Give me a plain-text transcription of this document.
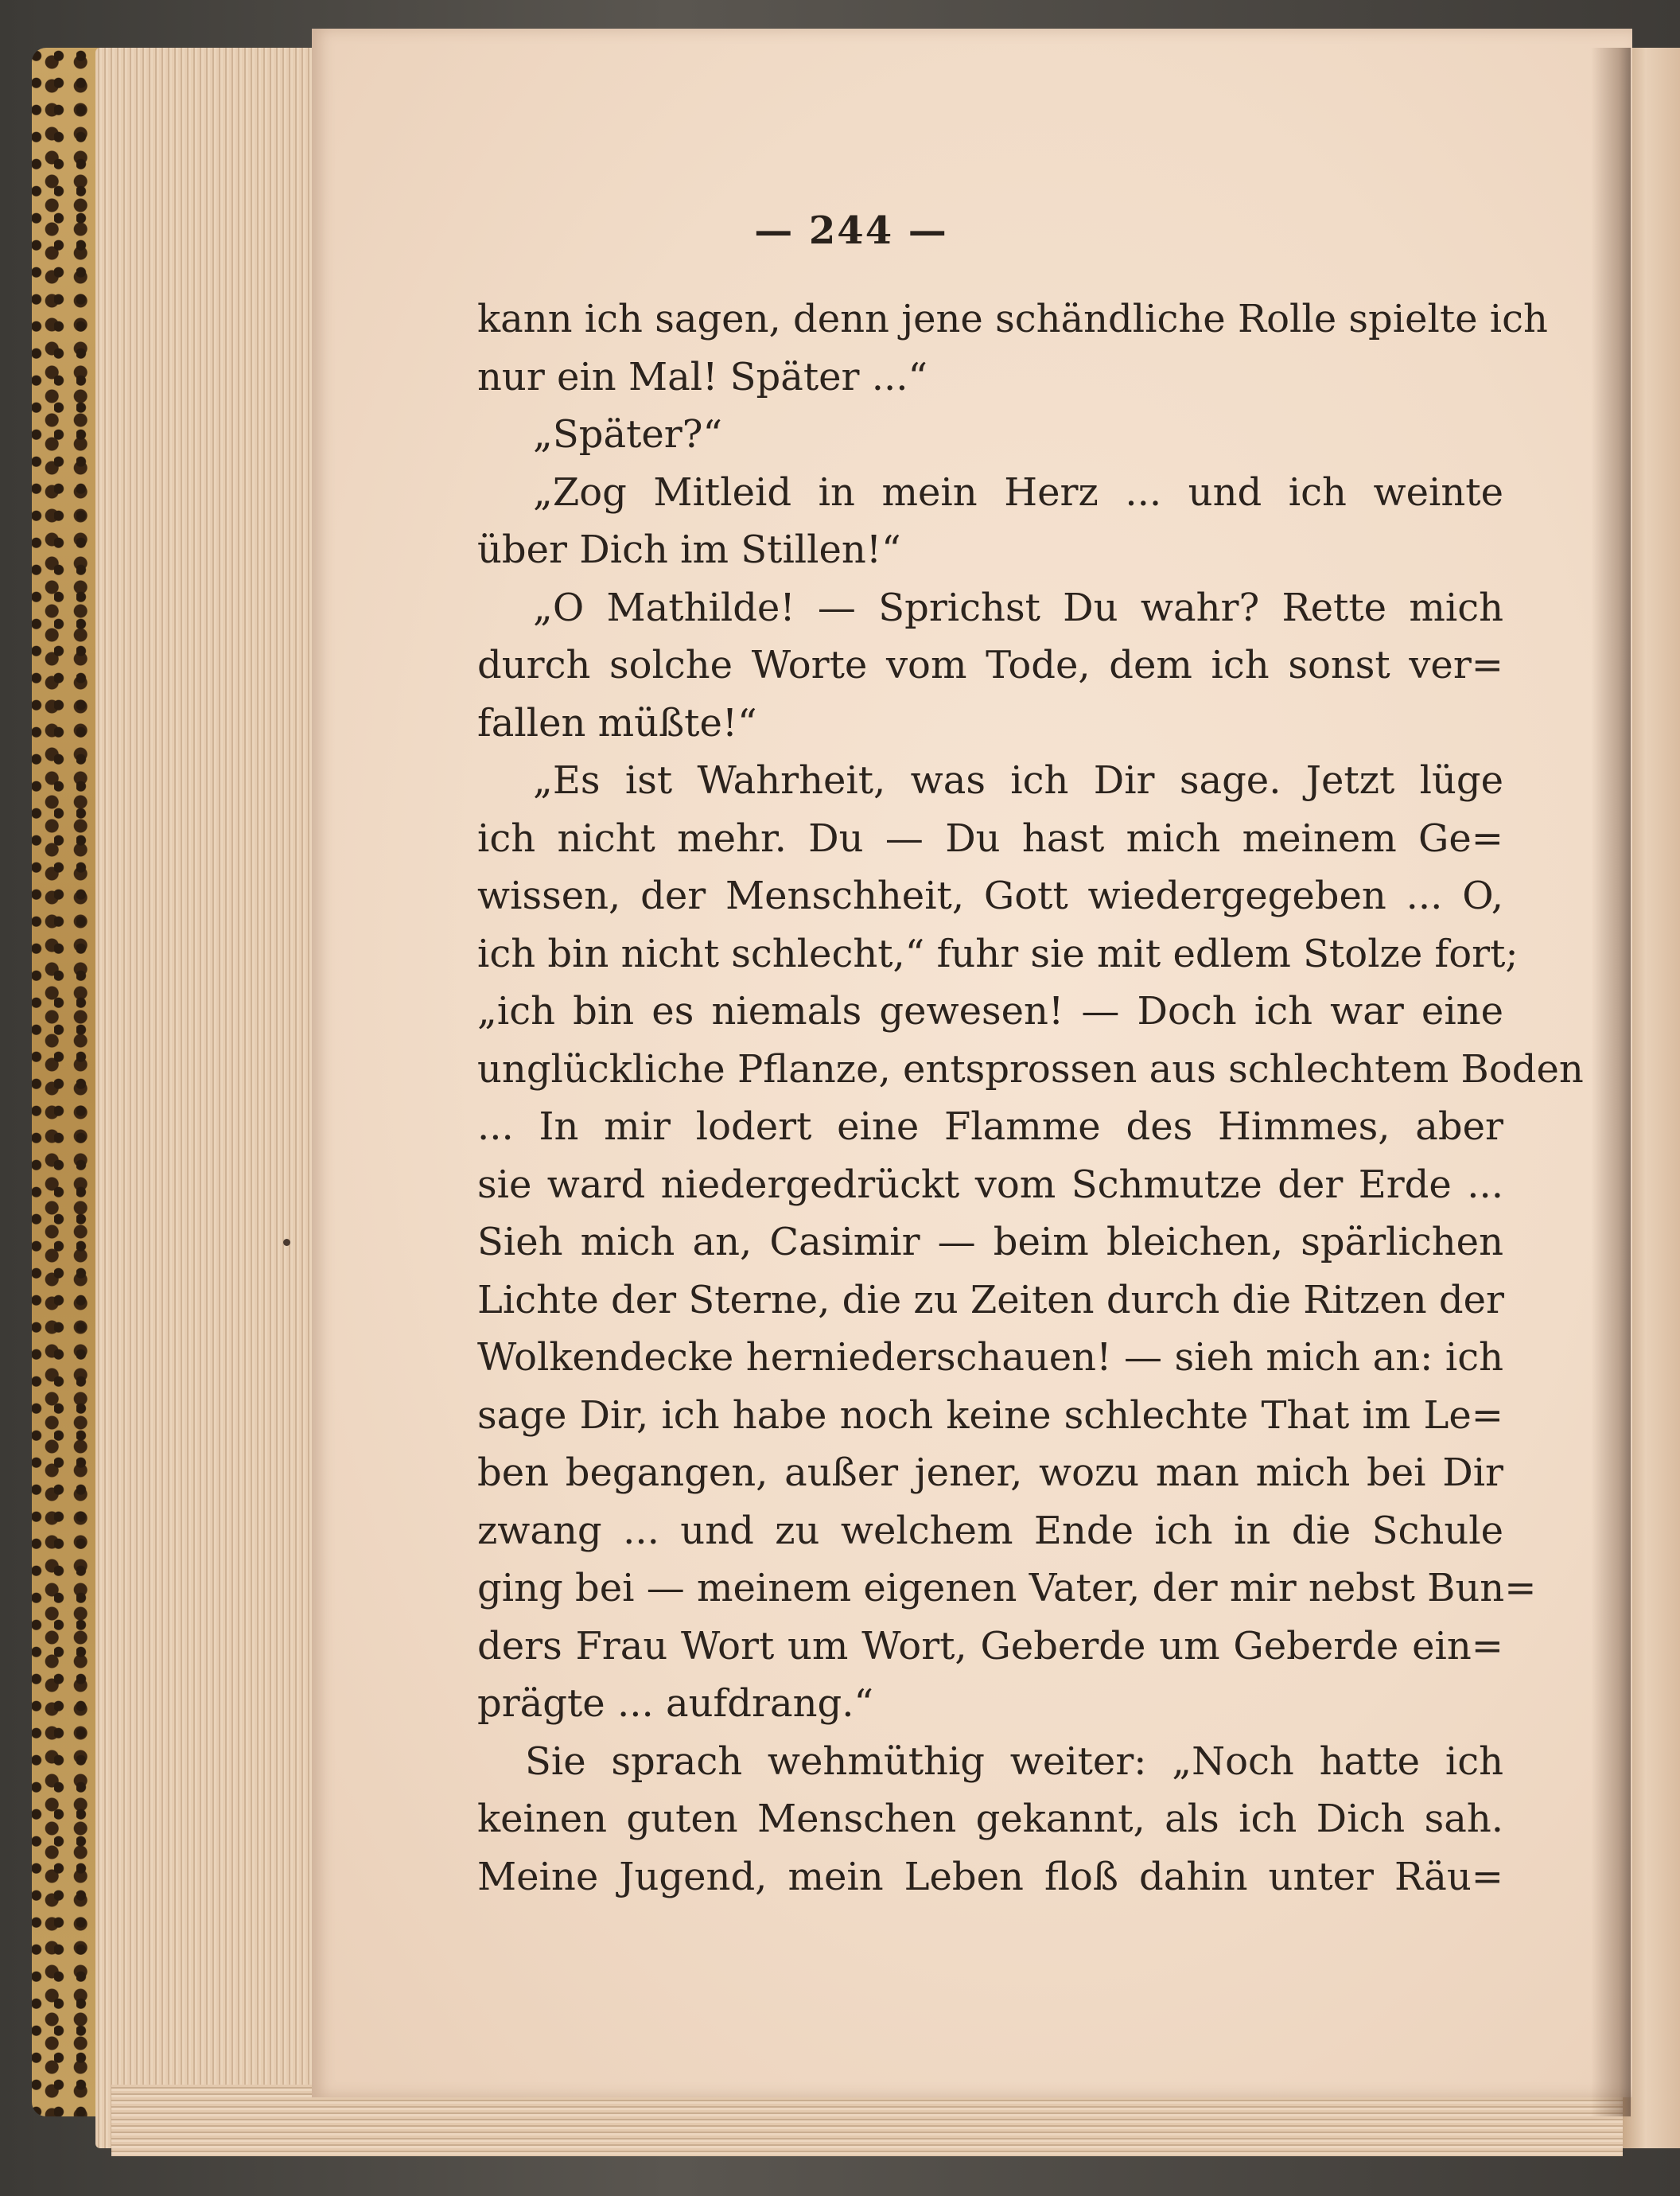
— 244 —
kann ich sagen, denn jene schändliche Rolle spielte ich
nur ein Mal! Später ...“
„Später?“
„Zog Mitleid in mein Herz ... und ich weinte
über Dich im Stillen!“
„O Mathilde! — Sprichst Du wahr? Rette mich
durch solche Worte vom Tode, dem ich sonst ver=
fallen müßte!“
„Es ist Wahrheit, was ich Dir sage. Jetzt lüge
ich nicht mehr. Du — Du hast mich meinem Ge=
wissen, der Menschheit, Gott wiedergegeben ... O,
ich bin nicht schlecht,“ fuhr sie mit edlem Stolze fort;
„ich bin es niemals gewesen! — Doch ich war eine
unglückliche Pflanze, entsprossen aus schlechtem Boden
... In mir lodert eine Flamme des Himmes, aber
sie ward niedergedrückt vom Schmutze der Erde ...
Sieh mich an, Casimir — beim bleichen, spärlichen
Lichte der Sterne, die zu Zeiten durch die Ritzen der
Wolkendecke herniederschauen! — sieh mich an: ich
sage Dir, ich habe noch keine schlechte That im Le=
ben begangen, außer jener, wozu man mich bei Dir
zwang ... und zu welchem Ende ich in die Schule
ging bei — meinem eigenen Vater, der mir nebst Bun=
ders Frau Wort um Wort, Geberde um Geberde ein=
prägte ... aufdrang.“
Sie sprach wehmüthig weiter: „Noch hatte ich
keinen guten Menschen gekannt, als ich Dich sah.
Meine Jugend, mein Leben floß dahin unter Räu=
